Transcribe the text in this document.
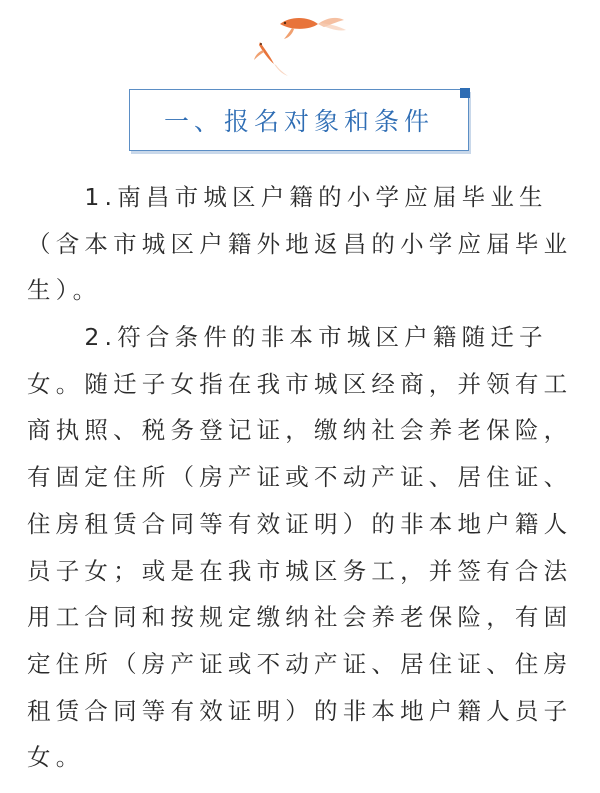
一、报名对象和条件
　　1.南昌市城区户籍的小学应届毕业生
（含本市城区户籍外地返昌的小学应届毕业
生）。
　　2.符合条件的非本市城区户籍随迁子
女。随迁子女指在我市城区经商，并领有工
商执照、税务登记证，缴纳社会养老保险，
有固定住所（房产证或不动产证、居住证、
住房租赁合同等有效证明）的非本地户籍人
员子女；或是在我市城区务工，并签有合法
用工合同和按规定缴纳社会养老保险，有固
定住所（房产证或不动产证、居住证、住房
租赁合同等有效证明）的非本地户籍人员子
女。
